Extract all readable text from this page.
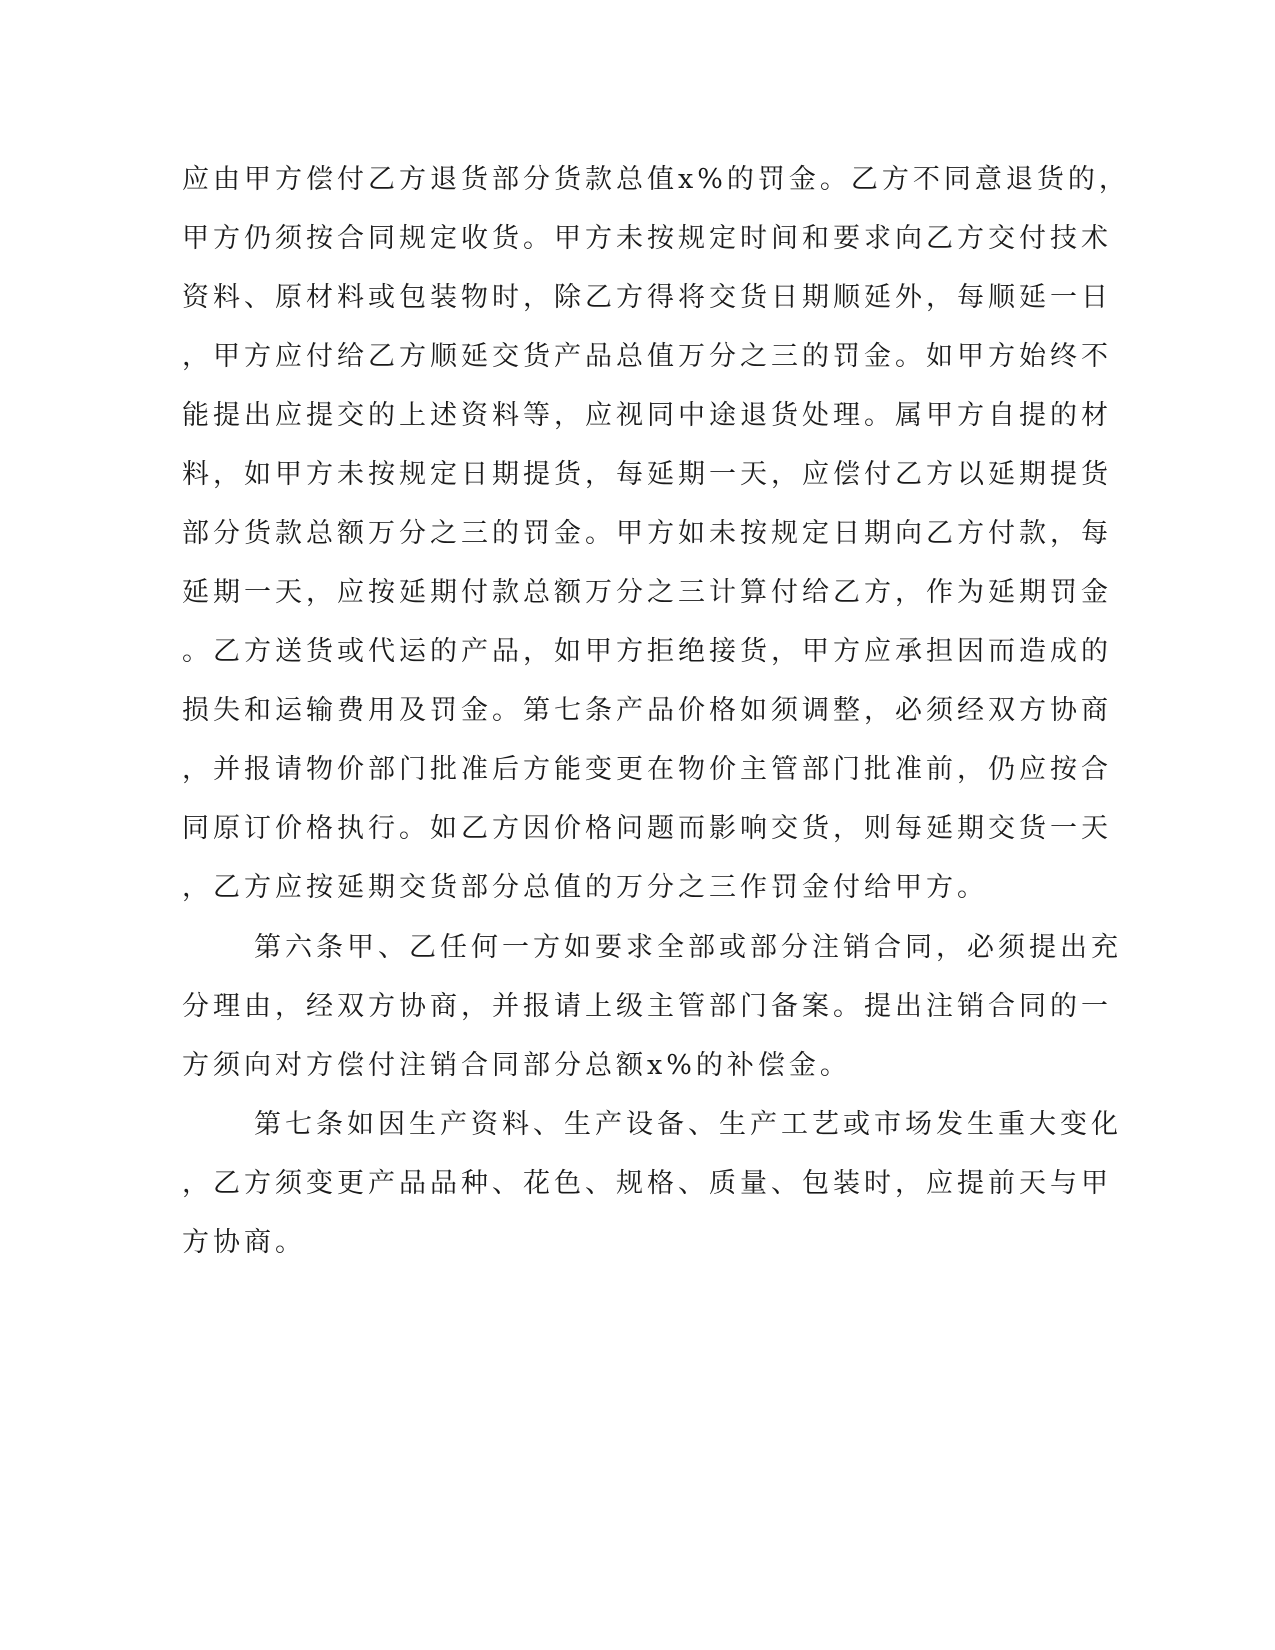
应由甲方偿付乙方退货部分货款总值x%的罚金。乙方不同意退货的，
甲方仍须按合同规定收货。甲方未按规定时间和要求向乙方交付技术
资料、原材料或包装物时，除乙方得将交货日期顺延外，每顺延一日
，甲方应付给乙方顺延交货产品总值万分之三的罚金。如甲方始终不
能提出应提交的上述资料等，应视同中途退货处理。属甲方自提的材
料，如甲方未按规定日期提货，每延期一天，应偿付乙方以延期提货
部分货款总额万分之三的罚金。甲方如未按规定日期向乙方付款，每
延期一天，应按延期付款总额万分之三计算付给乙方，作为延期罚金
。乙方送货或代运的产品，如甲方拒绝接货，甲方应承担因而造成的
损失和运输费用及罚金。第七条产品价格如须调整，必须经双方协商
，并报请物价部门批准后方能变更在物价主管部门批准前，仍应按合
同原订价格执行。如乙方因价格问题而影响交货，则每延期交货一天
，乙方应按延期交货部分总值的万分之三作罚金付给甲方。
第六条甲、乙任何一方如要求全部或部分注销合同，必须提出充
分理由，经双方协商，并报请上级主管部门备案。提出注销合同的一
方须向对方偿付注销合同部分总额x%的补偿金。
第七条如因生产资料、生产设备、生产工艺或市场发生重大变化
，乙方须变更产品品种、花色、规格、质量、包装时，应提前天与甲
方协商。
